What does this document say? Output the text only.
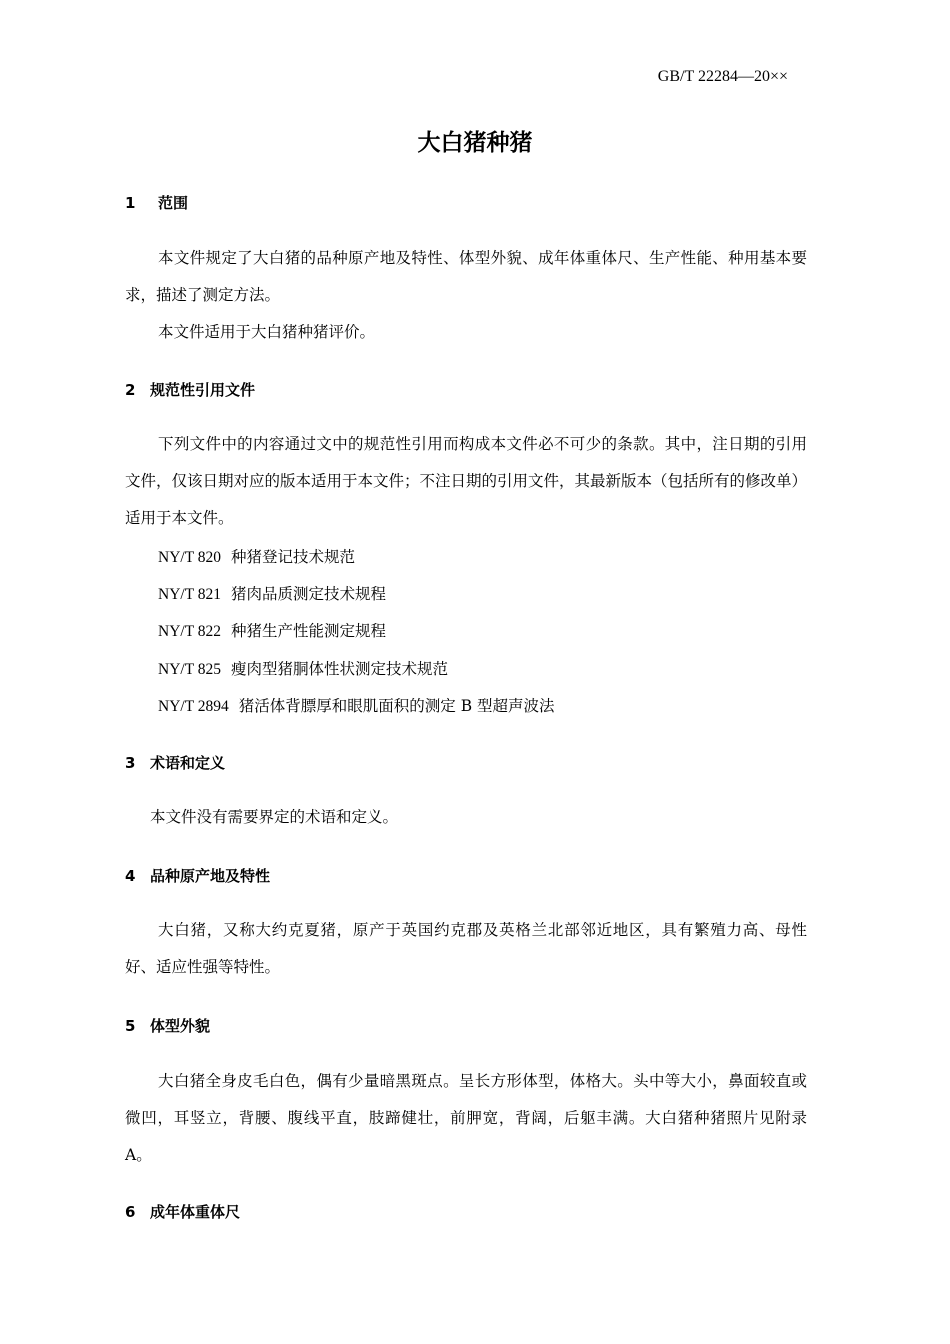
GB/T 22284—20××
大白猪种猪
1 范围

本文件规定了大白猪的品种原产地及特性、体型外貌、成年体重体尺、生产性能、种用基本要求，描述了测定方法。

本文件适用于大白猪种猪评价。

2 规范性引用文件

下列文件中的内容通过文中的规范性引用而构成本文件必不可少的条款。其中，注日期的引用文件，仅该日期对应的版本适用于本文件；不注日期的引用文件，其最新版本（包括所有的修改单）适用于本文件。

NY/T 820 种猪登记技术规范
NY/T 821 猪肉品质测定技术规程
NY/T 822 种猪生产性能测定规程
NY/T 825 瘦肉型猪胴体性状测定技术规范
NY/T 2894 猪活体背膘厚和眼肌面积的测定 B 型超声波法
3 术语和定义

本文件没有需要界定的术语和定义。

4 品种原产地及特性

大白猪，又称大约克夏猪，原产于英国约克郡及英格兰北部邻近地区，具有繁殖力高、母性好、适应性强等特性。

5 体型外貌

大白猪全身皮毛白色，偶有少量暗黑斑点。呈长方形体型，体格大。头中等大小，鼻面较直或微凹，耳竖立，背腰、腹线平直，肢蹄健壮，前胛宽，背阔，后躯丰满。大白猪种猪照片见附录 A。

6 成年体重体尺
